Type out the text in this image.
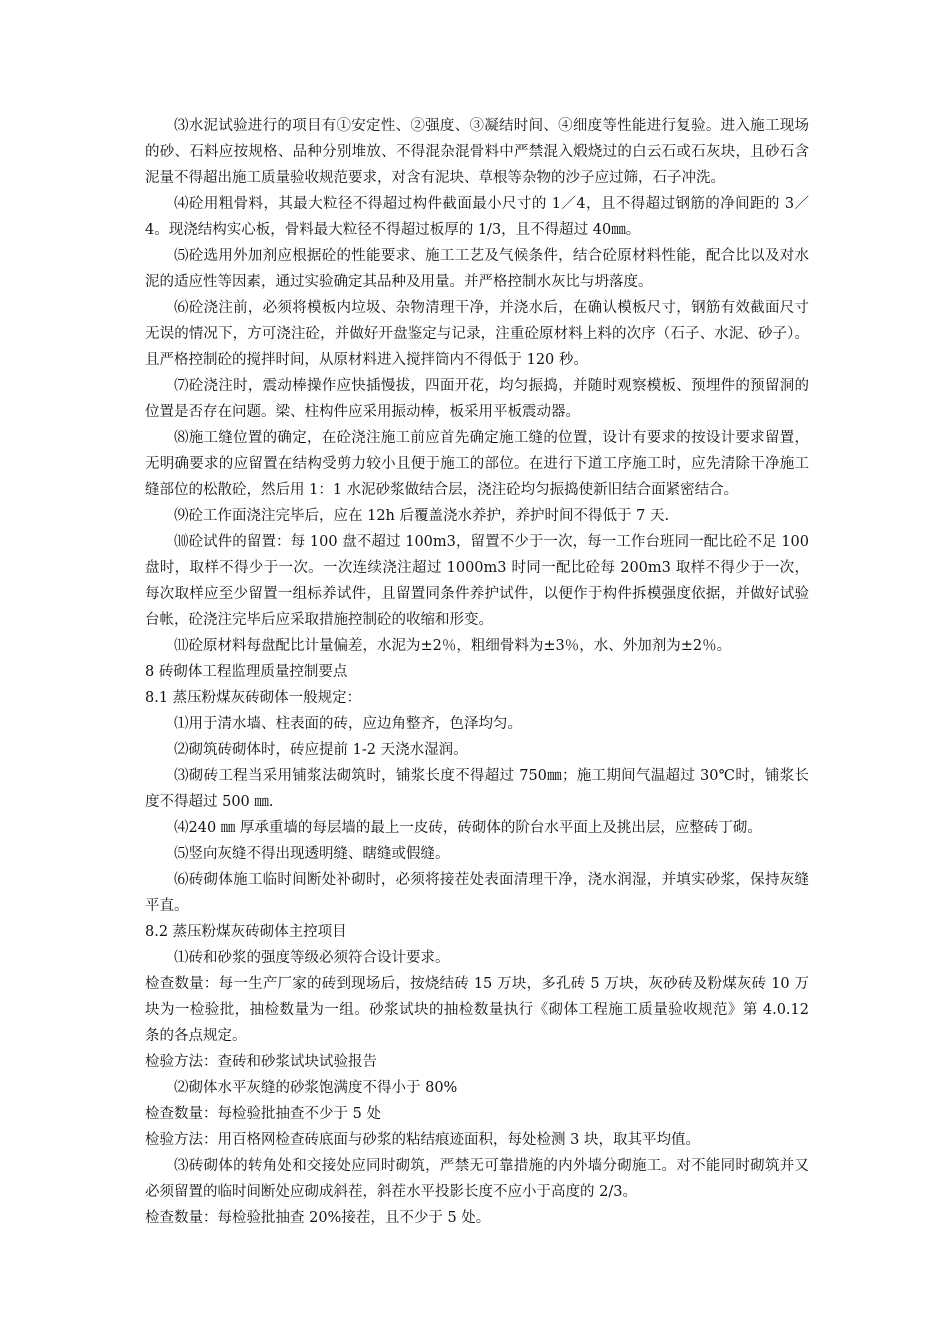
⑶水泥试验进行的项目有①安定性、②强度、③凝结时间、④细度等性能进行复验。进入施工现场的砂、石料应按规格、品种分别堆放、不得混杂混骨料中严禁混入煅烧过的白云石或石灰块，且砂石含泥量不得超出施工质量验收规范要求，对含有泥块、草根等杂物的沙子应过筛，石子冲洗。

⑷砼用粗骨料，其最大粒径不得超过构件截面最小尺寸的 1／4，且不得超过钢筋的净间距的 3／4。现浇结构实心板，骨料最大粒径不得超过板厚的 1/3，且不得超过 40㎜。

⑸砼选用外加剂应根据砼的性能要求、施工工艺及气候条件，结合砼原材料性能，配合比以及对水泥的适应性等因素，通过实验确定其品种及用量。并严格控制水灰比与坍落度。

⑹砼浇注前，必须将模板内垃圾、杂物清理干净，并浇水后，在确认模板尺寸，钢筋有效截面尺寸无误的情况下，方可浇注砼，并做好开盘鉴定与记录，注重砼原材料上料的次序（石子、水泥、砂子）。且严格控制砼的搅拌时间，从原材料进入搅拌筒内不得低于 120 秒。

⑺砼浇注时，震动棒操作应快插慢拔，四面开花，均匀振捣，并随时观察模板、预埋件的预留洞的位置是否存在问题。梁、柱构件应采用振动棒，板采用平板震动器。

⑻施工缝位置的确定，在砼浇注施工前应首先确定施工缝的位置，设计有要求的按设计要求留置，无明确要求的应留置在结构受剪力较小且便于施工的部位。在进行下道工序施工时，应先清除干净施工缝部位的松散砼，然后用 1：1 水泥砂浆做结合层，浇注砼均匀振捣使新旧结合面紧密结合。

⑼砼工作面浇注完毕后，应在 12h 后覆盖浇水养护，养护时间不得低于 7 天.

⑽砼试件的留置：每 100 盘不超过 100m3，留置不少于一次，每一工作台班同一配比砼不足 100 盘时，取样不得少于一次。一次连续浇注超过 1000m3 时同一配比砼每 200m3 取样不得少于一次，每次取样应至少留置一组标养试件，且留置同条件养护试件，以便作于构件拆模强度依据，并做好试验台帐，砼浇注完毕后应采取措施控制砼的收缩和形变。

⑾砼原材料每盘配比计量偏差，水泥为±2％，粗细骨料为±3％，水、外加剂为±2％。

8 砖砌体工程监理质量控制要点

8.1 蒸压粉煤灰砖砌体一般规定：

⑴用于清水墙、柱表面的砖，应边角整齐，色泽均匀。

⑵砌筑砖砌体时，砖应提前 1-2 天浇水湿润。

⑶砌砖工程当采用铺浆法砌筑时，铺浆长度不得超过 750㎜；施工期间气温超过 30℃时，铺浆长度不得超过 500 ㎜.

⑷240 ㎜ 厚承重墙的每层墙的最上一皮砖，砖砌体的阶台水平面上及挑出层，应整砖丁砌。

⑸竖向灰缝不得出现透明缝、瞎缝或假缝。

⑹砖砌体施工临时间断处补砌时，必须将接茬处表面清理干净，浇水润湿，并填实砂浆，保持灰缝平直。

8.2 蒸压粉煤灰砖砌体主控项目

⑴砖和砂浆的强度等级必须符合设计要求。

检查数量：每一生产厂家的砖到现场后，按烧结砖 15 万块，多孔砖 5 万块，灰砂砖及粉煤灰砖 10 万块为一检验批，抽检数量为一组。砂浆试块的抽检数量执行《砌体工程施工质量验收规范》第 4.0.12 条的各点规定。

检验方法：查砖和砂浆试块试验报告

⑵砌体水平灰缝的砂浆饱满度不得小于 80%

检查数量：每检验批抽查不少于 5 处

检验方法：用百格网检查砖底面与砂浆的粘结痕迹面积，每处检测 3 块，取其平均值。

⑶砖砌体的转角处和交接处应同时砌筑，严禁无可靠措施的内外墙分砌施工。对不能同时砌筑并又必须留置的临时间断处应砌成斜茬，斜茬水平投影长度不应小于高度的 2/3。

检查数量：每检验批抽查 20%接茬，且不少于 5 处。
